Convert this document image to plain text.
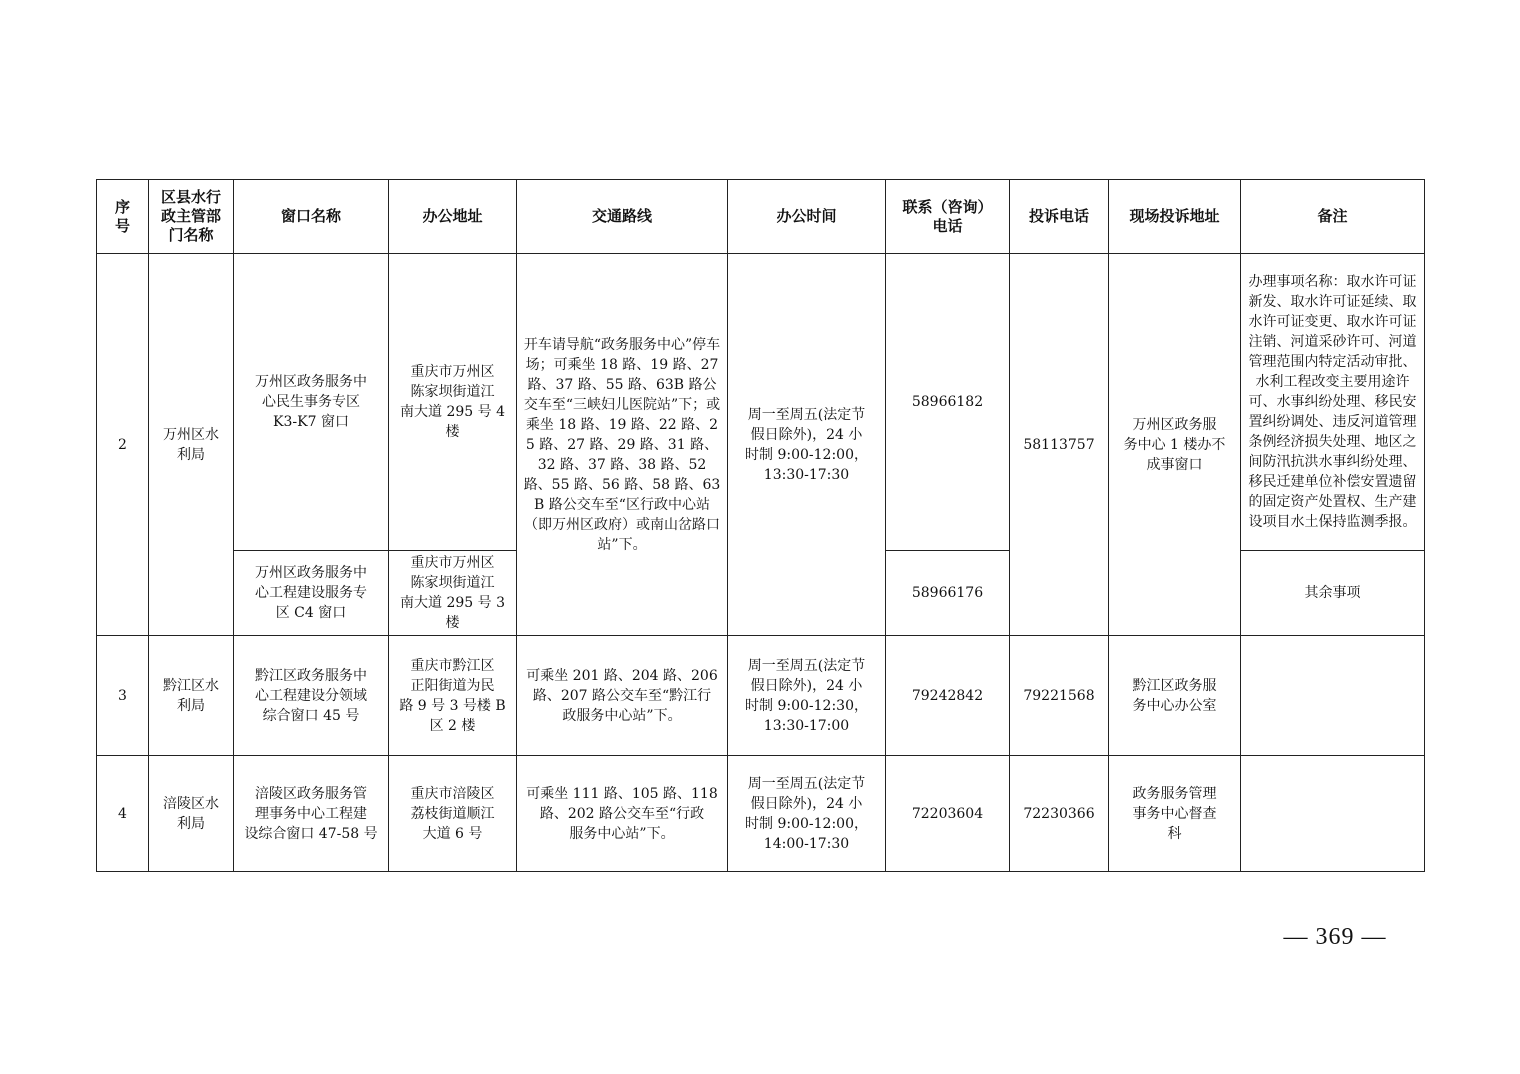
序
号	区县水行
政主管部
门名称	窗口名称	办公地址	交通路线	办公时间	联系（咨询）
电话	投诉电话	现场投诉地址	备注
2	万州区水
利局	万州区政务服务中
心民生事务专区
K3-K7 窗口	重庆市万州区
陈家坝街道江
南大道 295 号 4
楼	开车请导航“政务服务中心”停车场；可乘坐 18 路、19 路、27 路、37 路、55 路、63B 路公交车至“三峡妇儿医院站”下；或乘坐 18 路、19 路、22 路、25 路、27 路、29 路、31 路、32 路、37 路、38 路、52 路、55 路、56 路、58 路、63B 路公交车至“区行政中心站（即万州区政府）或南山岔路口站”下。	周一至周五(法定节
假日除外)，24 小
时制 9:00-12:00，
13:30-17:30	58966182	58113757	万州区政务服
务中心 1 楼办不
成事窗口	办理事项名称：取水许可证新发、取水许可证延续、取水许可证变更、取水许可证注销、河道采砂许可、河道管理范围内特定活动审批、水利工程改变主要用途许可、水事纠纷处理、移民安置纠纷调处、违反河道管理条例经济损失处理、地区之间防汛抗洪水事纠纷处理、移民迁建单位补偿安置遗留的固定资产处置权、生产建设项目水土保持监测季报。
		万州区政务服务中
心工程建设服务专
区 C4 窗口	重庆市万州区
陈家坝街道江
南大道 295 号 3
楼			58966176			其余事项
3	黔江区水
利局	黔江区政务服务中
心工程建设分领域
综合窗口 45 号	重庆市黔江区
正阳街道为民
路 9 号 3 号楼 B
区 2 楼	可乘坐 201 路、204 路、206
路、207 路公交车至“黔江行
政服务中心站”下。	周一至周五(法定节
假日除外)，24 小
时制 9:00-12:30，
13:30-17:00	79242842	79221568	黔江区政务服
务中心办公室	
4	涪陵区水
利局	涪陵区政务服务管
理事务中心工程建
设综合窗口 47-58 号	重庆市涪陵区
荔枝街道顺江
大道 6 号	可乘坐 111 路、105 路、118
路、202 路公交车至“行政
服务中心站”下。	周一至周五(法定节
假日除外)，24 小
时制 9:00-12:00，
14:00-17:30	72203604	72230366	政务服务管理
事务中心督查
科	
— 369 —
